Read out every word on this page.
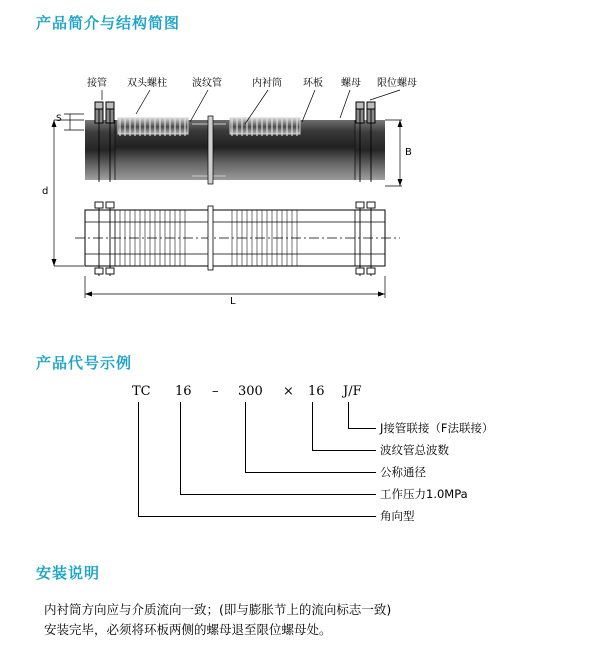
产品简介与结构简图
产品代号示例
安装说明
接管 双头螺柱	波纹管	内衬筒 环板 螺母 限位螺母
S
d
B
L
TC 16 – 300 × 16 J/F
J接管联接（F法联接）
波纹管总波数
公称通径
工作压力1.0MPa
角向型
内衬筒方向应与介质流向一致；(即与膨胀节上的流向标志一致)
安装完毕，必须将环板两侧的螺母退至限位螺母处。
